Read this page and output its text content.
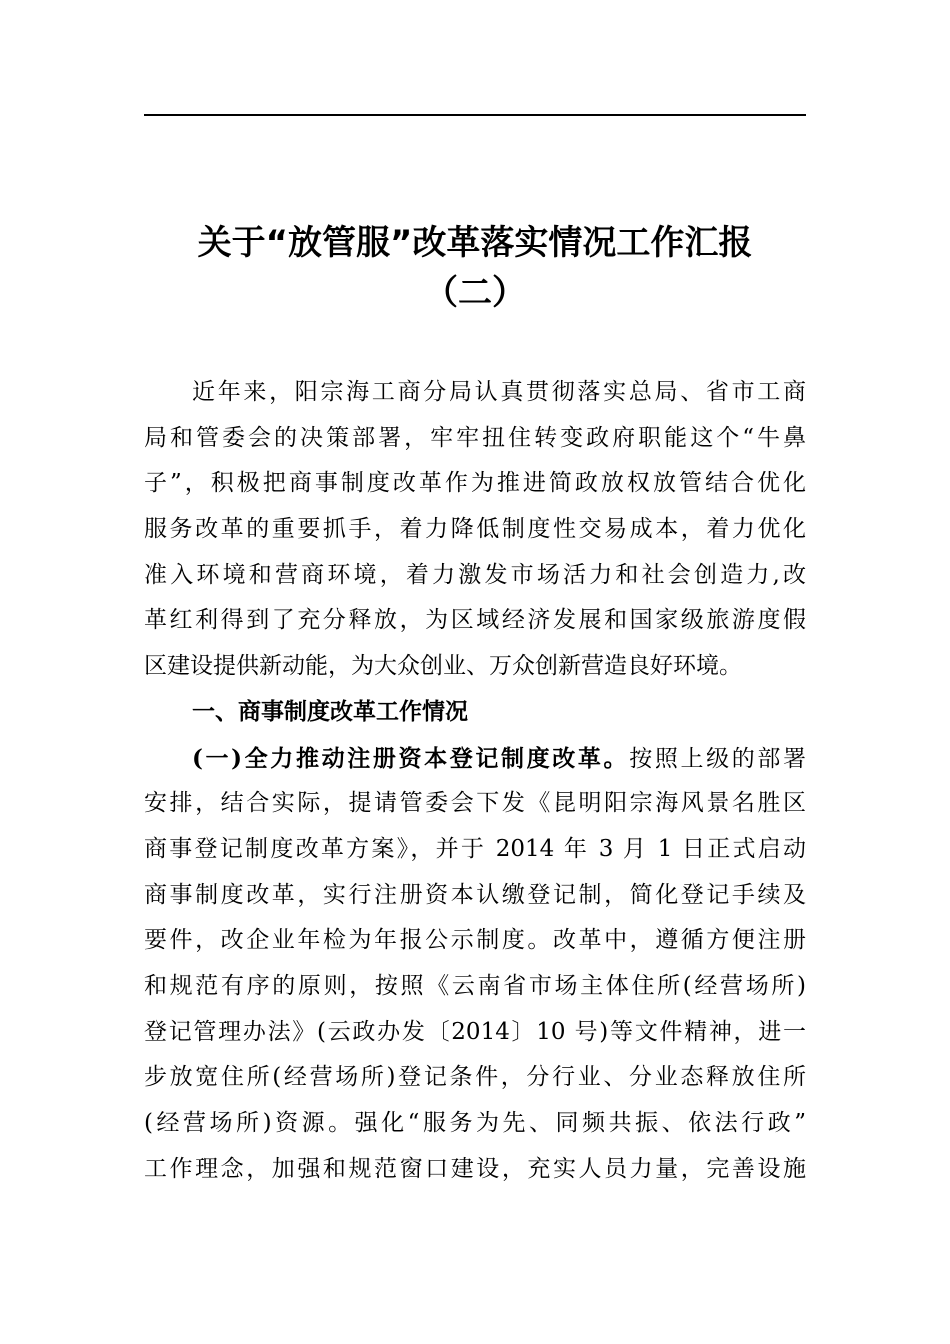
关于“放管服”改革落实情况工作汇报
（二）
近年来，阳宗海工商分局认真贯彻落实总局、省市工商
局和管委会的决策部署，牢牢扭住转变政府职能这个“牛鼻
子”，积极把商事制度改革作为推进简政放权放管结合优化
服务改革的重要抓手，着力降低制度性交易成本，着力优化
准入环境和营商环境，着力激发市场活力和社会创造力,改
革红利得到了充分释放，为区域经济发展和国家级旅游度假
区建设提供新动能，为大众创业、万众创新营造良好环境。
一、商事制度改革工作情况
(一)全力推动注册资本登记制度改革。按照上级的部署
安排，结合实际，提请管委会下发《昆明阳宗海风景名胜区
商事登记制度改革方案》，并于 2014 年 3 月 1 日正式启动
商事制度改革，实行注册资本认缴登记制，简化登记手续及
要件，改企业年检为年报公示制度。改革中，遵循方便注册
和规范有序的原则，按照《云南省市场主体住所(经营场所)
登记管理办法》(云政办发〔2014〕10 号)等文件精神，进一
步放宽住所(经营场所)登记条件，分行业、分业态释放住所
(经营场所)资源。强化“服务为先、同频共振、依法行政”
工作理念，加强和规范窗口建设，充实人员力量，完善设施
